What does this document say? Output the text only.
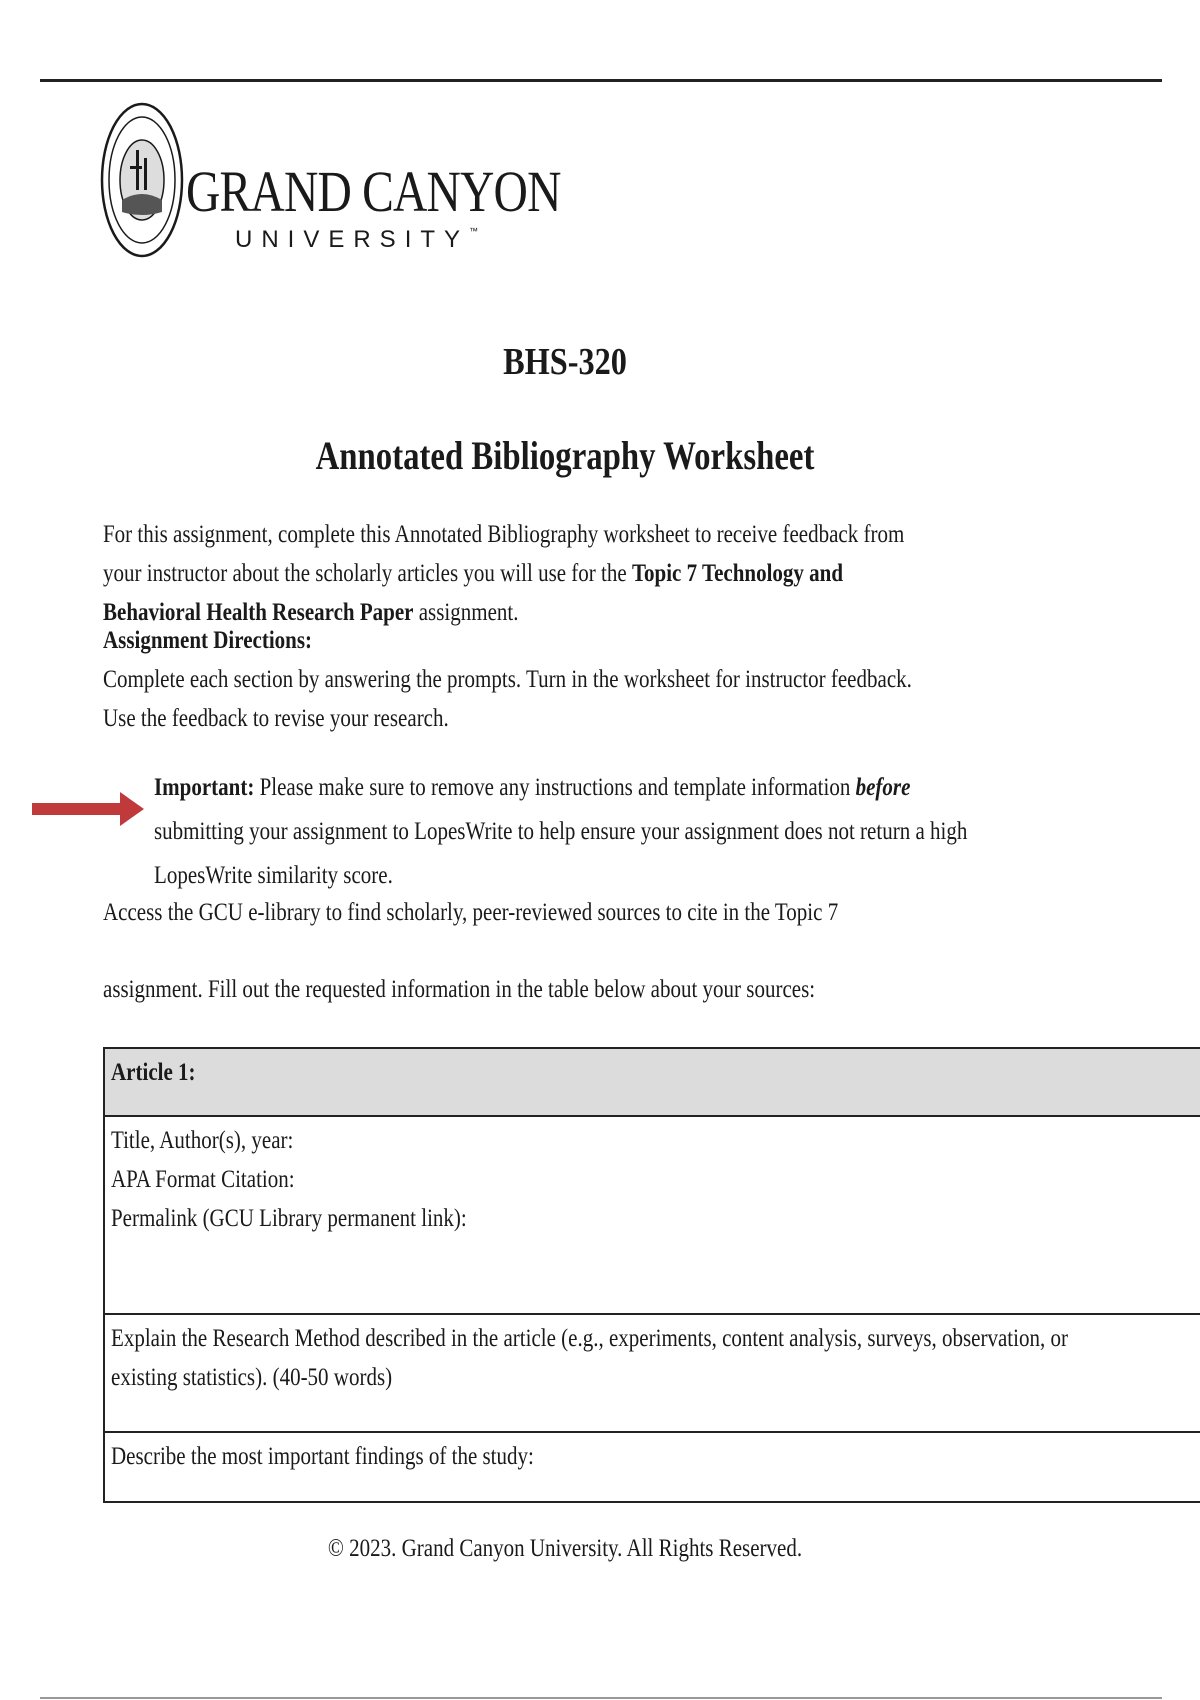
GRAND CANYON
UNIVERSITY™
BHS-320
Annotated Bibliography Worksheet
For this assignment, complete this Annotated Bibliography worksheet to receive feedback from your instructor about the scholarly articles you will use for the Topic 7 Technology and Behavioral Health Research Paper assignment.
Assignment Directions:
Complete each section by answering the prompts. Turn in the worksheet for instructor feedback. Use the feedback to revise your research.
Important: Please make sure to remove any instructions and template information before submitting your assignment to LopesWrite to help ensure your assignment does not return a high LopesWrite similarity score.
Access the GCU e-library to find scholarly, peer-reviewed sources to cite in the Topic 7
assignment. Fill out the requested information in the table below about your sources:
Article 1:

Title, Author(s), year:
APA Format Citation:
Permalink (GCU Library permanent link):

Explain the Research Method described in the article (e.g., experiments, content analysis, surveys, observation, or existing statistics). (40-50 words)

Describe the most important findings of the study:
© 2023. Grand Canyon University. All Rights Reserved.
